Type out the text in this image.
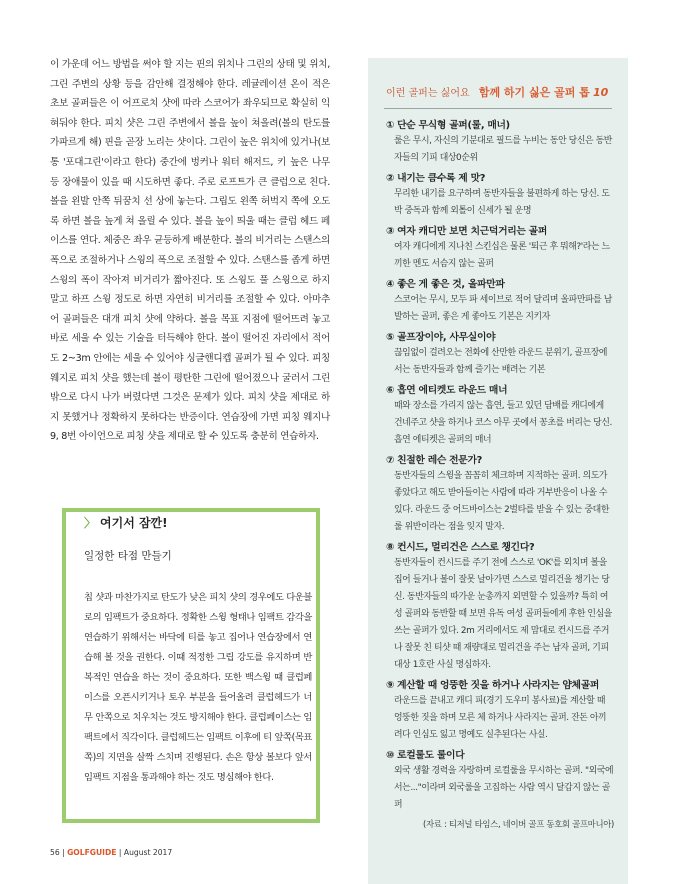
이 가운데 어느 방법을 써야 할 지는 핀의 위치나 그린의 상태 및 위치, 그린 주변의 상황 등을 감안해 결정해야 한다. 레귤레이션 온이 적은 초보 골퍼들은 이 어프로치 샷에 따라 스코어가 좌우되므로 확실히 익혀둬야 한다. 피치 샷은 그린 주변에서 볼을 높이 쳐올려(볼의 탄도를 가파르게 해) 핀을 곧장 노리는 샷이다. 그린이 높은 위치에 있거나(보통 '포대그린'이라고 한다) 중간에 벙커나 워터 해저드, 키 높은 나무 등 장애물이 있을 때 시도하면 좋다. 주로 로프트가 큰 클럽으로 친다. 볼을 왼발 안쪽 뒤꿈치 선 상에 놓는다. 그립도 왼쪽 허벅지 쪽에 오도록 하면 볼을 높게 쳐 올릴 수 있다. 볼을 높이 띄울 때는 클럽 헤드 페이스를 연다. 체중은 좌우 균등하게 배분한다. 볼의 비거리는 스탠스의 폭으로 조절하거나 스윙의 폭으로 조절할 수 있다. 스탠스를 좁게 하면 스윙의 폭이 작아져 비거리가 짧아진다. 또 스윙도 풀 스윙으로 하지 말고 하프 스윙 정도로 하면 자연히 비거리를 조절할 수 있다. 아마추어 골퍼들은 대개 피치 샷에 약하다. 볼을 목표 지점에 떨어뜨려 놓고 바로 세울 수 있는 기술을 터득해야 한다. 볼이 떨어진 자리에서 적어도 2~3m 안에는 세울 수 있어야 싱글핸디캡 골퍼가 될 수 있다. 피칭 웨지로 피치 샷을 했는데 볼이 평탄한 그린에 떨어졌으나 굴러서 그린 밖으로 다시 나가 버렸다면 그것은 문제가 있다. 피치 샷을 제대로 하지 못했거나 정확하지 못하다는 반증이다. 연습장에 가면 피칭 웨지나 9, 8번 아이언으로 피칭 샷을 제대로 할 수 있도록 충분히 연습하자.

〉 여기서 잠깐!
일정한 타점 만들기
칩 샷과 마찬가지로 탄도가 낮은 피치 샷의 경우에도 다운블로의 임팩트가 중요하다. 정확한 스윙 형태나 임팩트 감각을 연습하기 위해서는 바닥에 티를 놓고 집어나 연습장에서 연습해 볼 것을 권한다. 이때 적정한 그립 강도를 유지하며 반복적인 연습을 하는 것이 중요하다. 또한 백스윙 때 클럽페이스를 오픈시키거나 토우 부분을 들어올려 클럽헤드가 너무 안쪽으로 치우치는 것도 방지해야 한다. 클럽페이스는 임팩트에서 직각이다. 클럽헤드는 임팩트 이후에 티 앞쪽(목표쪽)의 지면을 살짝 스치며 진행된다. 손은 항상 볼보다 앞서 임팩트 지점을 통과해야 하는 것도 명심해야 한다.
이런 골퍼는 싫어요 함께 하기 싫은 골퍼 톱 10
① 단순 무식형 골퍼(룰, 매너)
룰은 무시, 자신의 기분대로 필드를 누비는 동안 당신은 동반자들의 기피 대상0순위
② 내기는 큼수록 제 맛?
무리한 내기를 요구하며 동반자들을 불편하게 하는 당신. 도박 중독과 함께 외톨이 신세가 될 운명
③ 여자 캐디만 보면 치근덕거리는 골퍼
여자 캐디에게 지나친 스킨십은 물론 '퇴근 후 뭐해?'라는 느끼한 멘도 서슴지 않는 골퍼
④ 좋은 게 좋은 것, 올파만파
스코어는 무시, 모두 파 세이브로 적어 달리며 올파만파를 남발하는 골퍼, 좋은 게 좋아도 기본은 지키자
⑤ 골프장이야, 사무실이야
끊임없이 걸려오는 전화에 산만한 라운드 분위기, 골프장에서는 동반자들과 함께 즐기는 배려는 기본
⑥ 흡연 에티켓도 라운드 매너
때와 장소를 가리지 않는 흡연, 들고 있던 담배를 캐디에게 건네주고 샷을 하거나 코스 아무 곳에서 꽁초를 버리는 당신. 흡연 에티켓은 골퍼의 매너
⑦ 친절한 레슨 전문가?
동반자들의 스윙을 꼼꼼히 체크하며 지적하는 골퍼. 의도가 좋았다고 해도 받아들이는 사람에 따라 거부반응이 나올 수 있다. 라운드 중 어드바이스는 2벌타를 받을 수 있는 중대한 룰 위반이라는 점을 잊지 말자.
⑧ 컨시드, 멀리건은 스스로 챙긴다?
동반자들이 컨시드를 주기 전에 스스로 'OK'를 외치며 볼을 집어 들거나 볼이 잘못 날아가면 스스로 멀리건을 챙기는 당신. 동반자들의 따가운 눈총까지 외면할 수 있을까? 특히 여성 골퍼와 동반할 때 보면 유독 여성 골퍼들에게 후한 인심을 쓰는 골퍼가 있다. 2m 거리에서도 제 맘대로 컨시드를 주거나 잘못 친 티샷 때 재량대로 멀리건을 주는 남자 골퍼, 기피대상 1호란 사실 명심하자.
⑨ 계산할 때 엉뚱한 짓을 하거나 사라지는 얌체골퍼
라운드를 끝내고 캐디 피(경기 도우미 봉사료)를 계산할 때 엉뚱한 짓을 하며 모른 체 하거나 사라지는 골퍼. 잔돈 아끼려다 인심도 잃고 명예도 실추된다는 사실.
⑩ 로컬룰도 룰이다
외국 생활 경력을 자랑하며 로컬룰을 무시하는 골퍼. "외국에서는..."이라며 외국룰을 고집하는 사람 역시 달갑지 않는 골퍼
(자료 : 티저널 타임스, 네이버 골프 동호회 골프마니아)
56 | GOLFGUIDE | August 2017
